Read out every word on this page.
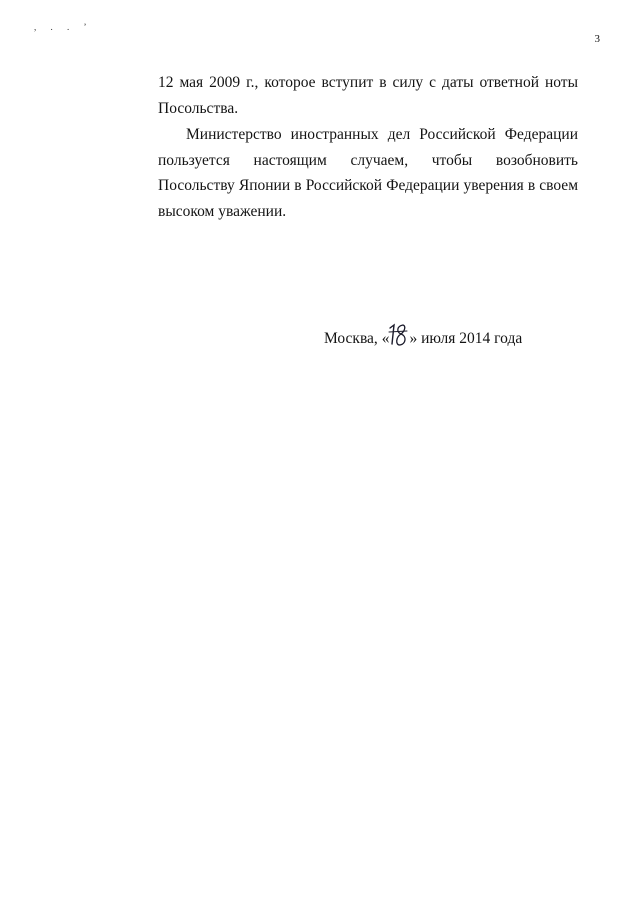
, . . ’
3

12 мая 2009 г., которое вступит в силу с даты ответной ноты Посольства.

Министерство иностранных дел Российской Федерации пользуется настоящим случаем, чтобы возобновить Посольству Японии в Российской Федерации уверения в своем высоком уважении.

Москва, « » июля 2014 года
